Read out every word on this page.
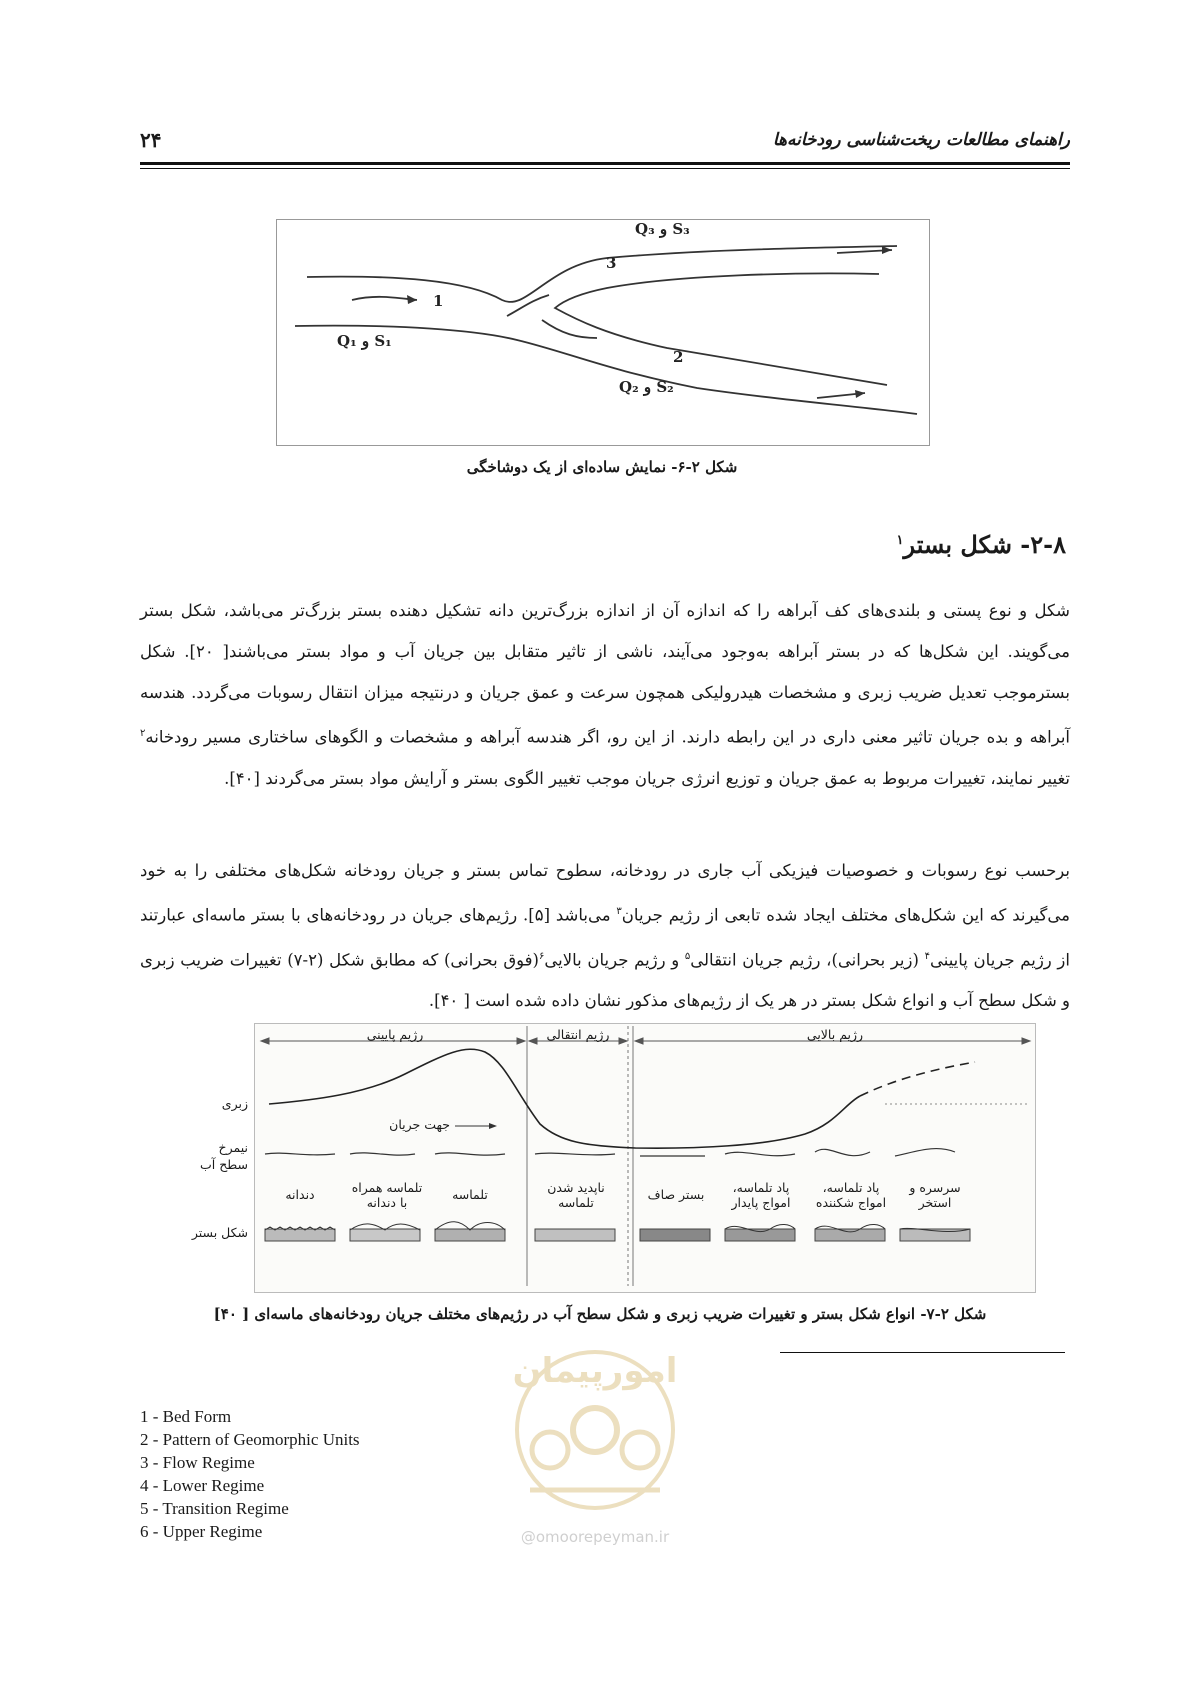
۲۴	راهنمای مطالعات ریخت‌شناسی رودخانه‌ها
1
2
3
Q₁ و S₁
Q₂ و S₂
Q₃ و S₃
شکل ۲-۶- نمایش ساده‌ای از یک دوشاخگی
۲-۸- شکل بستر$^۱$
شکل و نوع پستی و بلندی‌های کف آبراهه را که اندازه آن از اندازه بزرگ‌ترین دانه تشکیل دهنده بستر بزرگ‌تر می‌باشد، شکل بستر می‌گویند. این شکل‌ها که در بستر آبراهه به‌وجود می‌آیند، ناشی از تاثیر متقابل بین جریان آب و مواد بستر می‌باشند[ ۲۰]. شکل بسترموجب تعدیل ضریب زبری و مشخصات هیدرولیکی همچون سرعت و عمق جریان و درنتیجه میزان انتقال رسوبات می‌گردد. هندسه آبراهه و بده جریان تاثیر معنی داری در این رابطه دارند. از این رو، اگر هندسه آبراهه و مشخصات و الگوهای ساختاری مسیر رودخانه$^۲$ تغییر نمایند، تغییرات مربوط به عمق جریان و توزیع انرژی جریان موجب تغییر الگوی بستر و آرایش مواد بستر می‌گردند [۴۰].
برحسب نوع رسوبات و خصوصیات فیزیکی آب جاری در رودخانه، سطوح تماس بستر و جریان رودخانه شکل‌های مختلفی را به خود می‌گیرند که این شکل‌های مختلف ایجاد شده تابعی از رژیم جریان$^۳$ می‌باشد [۵]. رژیم‌های جریان در رودخانه‌های با بستر ماسه‌ای عبارتند از رژیم جریان پایینی$^۴$ (زیر بحرانی)، رژیم جریان انتقالی$^۵$ و رژیم جریان بالایی$^۶$(فوق بحرانی) که مطابق شکل (۲-۷) تغییرات ضریب زبری و شکل سطح آب و انواع شکل بستر در هر یک از رژیم‌های مذکور نشان داده شده است [ ۴۰].
رژیم پایینی	رژیم انتقالی	رژیم بالایی
زبری
نیمرخ
سطح آب
شکل بستر
جهت جریان
دندانه	تلماسه همراه
با دندانه
تلماسه	ناپدید شدن
تلماسه
بستر صاف	پاد تلماسه،
امواج پایدار
پاد تلماسه،
امواج شکننده
سرسره و
استخر
شکل ۲-۷- انواع شکل بستر و تغییرات ضریب زبری و شکل سطح آب در رژیم‌های مختلف جریان رودخانه‌های ماسه‌ای [ ۴۰]
1 - Bed Form
2 - Pattern of Geomorphic Units
3 - Flow Regime
4 - Lower Regime
5 - Transition Regime
6 - Upper Regime
امورپیمان
@omoorepeyman.ir
